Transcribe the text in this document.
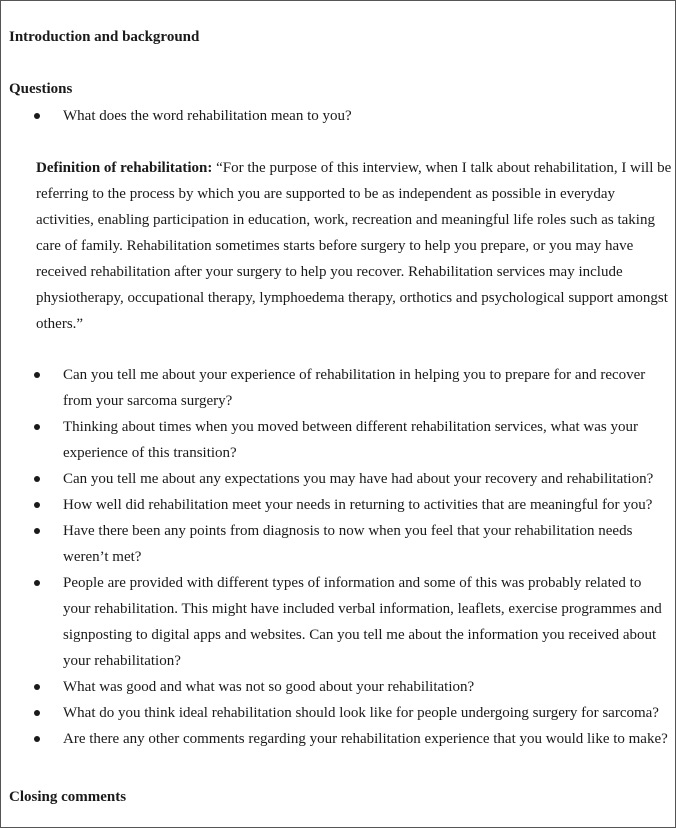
Introduction and background
Questions
What does the word rehabilitation mean to you?

Definition of rehabilitation: “For the purpose of this interview, when I talk about rehabilitation, I will be referring to the process by which you are supported to be as independent as possible in everyday activities, enabling participation in education, work, recreation and meaningful life roles such as taking care of family. Rehabilitation sometimes starts before surgery to help you prepare, or you may have received rehabilitation after your surgery to help you recover. Rehabilitation services may include physiotherapy, occupational therapy, lymphoedema therapy, orthotics and psychological support amongst others.”

Can you tell me about your experience of rehabilitation in helping you to prepare for and recover from your sarcoma surgery?
Thinking about times when you moved between different rehabilitation services, what was your experience of this transition?
Can you tell me about any expectations you may have had about your recovery and rehabilitation?
How well did rehabilitation meet your needs in returning to activities that are meaningful for you?
Have there been any points from diagnosis to now when you feel that your rehabilitation needs weren’t met?
People are provided with different types of information and some of this was probably related to your rehabilitation. This might have included verbal information, leaflets, exercise programmes and signposting to digital apps and websites. Can you tell me about the information you received about your rehabilitation?
What was good and what was not so good about your rehabilitation?
What do you think ideal rehabilitation should look like for people undergoing surgery for sarcoma?
Are there any other comments regarding your rehabilitation experience that you would like to make?
Closing comments
